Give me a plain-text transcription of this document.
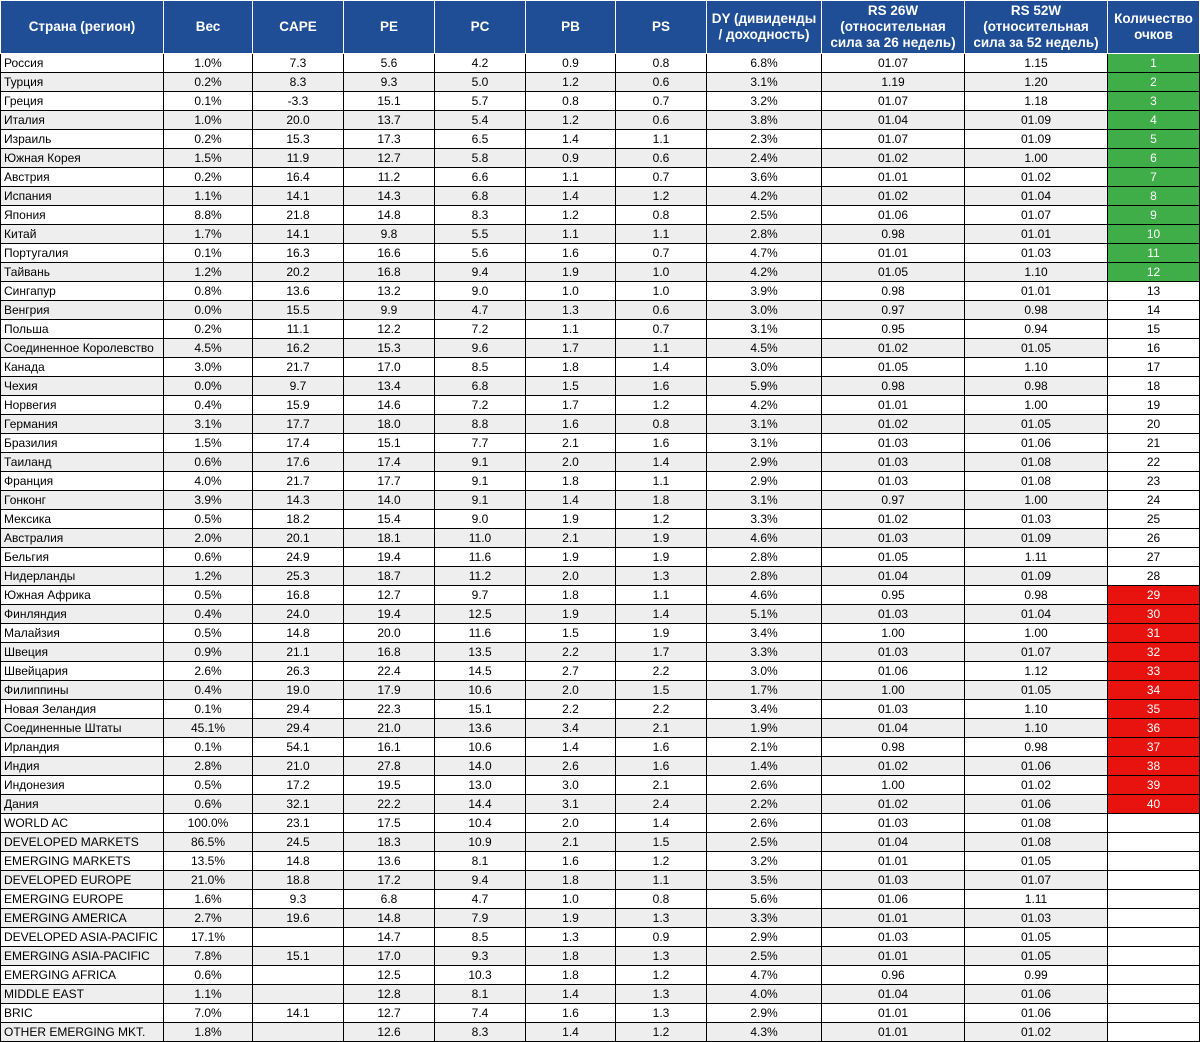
Страна (регион)	Вес	CAPE	PE	PC	PB	PS	DY (дивиденды / доходность)	RS 26W (относительная сила за 26 недель)	RS 52W (относительная сила за 52 недель)	Количество очков
Россия	1.0%	7.3	5.6	4.2	0.9	0.8	6.8%	01.07	1.15	1
Турция	0.2%	8.3	9.3	5.0	1.2	0.6	3.1%	1.19	1.20	2
Греция	0.1%	-3.3	15.1	5.7	0.8	0.7	3.2%	01.07	1.18	3
Италия	1.0%	20.0	13.7	5.4	1.2	0.6	3.8%	01.04	01.09	4
Израиль	0.2%	15.3	17.3	6.5	1.4	1.1	2.3%	01.07	01.09	5
Южная Корея	1.5%	11.9	12.7	5.8	0.9	0.6	2.4%	01.02	1.00	6
Австрия	0.2%	16.4	11.2	6.6	1.1	0.7	3.6%	01.01	01.02	7
Испания	1.1%	14.1	14.3	6.8	1.4	1.2	4.2%	01.02	01.04	8
Япония	8.8%	21.8	14.8	8.3	1.2	0.8	2.5%	01.06	01.07	9
Китай	1.7%	14.1	9.8	5.5	1.1	1.1	2.8%	0.98	01.01	10
Португалия	0.1%	16.3	16.6	5.6	1.6	0.7	4.7%	01.01	01.03	11
Тайвань	1.2%	20.2	16.8	9.4	1.9	1.0	4.2%	01.05	1.10	12
Сингапур	0.8%	13.6	13.2	9.0	1.0	1.0	3.9%	0.98	01.01	13
Венгрия	0.0%	15.5	9.9	4.7	1.3	0.6	3.0%	0.97	0.98	14
Польша	0.2%	11.1	12.2	7.2	1.1	0.7	3.1%	0.95	0.94	15
Соединенное Королевство	4.5%	16.2	15.3	9.6	1.7	1.1	4.5%	01.02	01.05	16
Канада	3.0%	21.7	17.0	8.5	1.8	1.4	3.0%	01.05	1.10	17
Чехия	0.0%	9.7	13.4	6.8	1.5	1.6	5.9%	0.98	0.98	18
Норвегия	0.4%	15.9	14.6	7.2	1.7	1.2	4.2%	01.01	1.00	19
Германия	3.1%	17.7	18.0	8.8	1.6	0.8	3.1%	01.02	01.05	20
Бразилия	1.5%	17.4	15.1	7.7	2.1	1.6	3.1%	01.03	01.06	21
Таиланд	0.6%	17.6	17.4	9.1	2.0	1.4	2.9%	01.03	01.08	22
Франция	4.0%	21.7	17.7	9.1	1.8	1.1	2.9%	01.03	01.08	23
Гонконг	3.9%	14.3	14.0	9.1	1.4	1.8	3.1%	0.97	1.00	24
Мексика	0.5%	18.2	15.4	9.0	1.9	1.2	3.3%	01.02	01.03	25
Австралия	2.0%	20.1	18.1	11.0	2.1	1.9	4.6%	01.03	01.09	26
Бельгия	0.6%	24.9	19.4	11.6	1.9	1.9	2.8%	01.05	1.11	27
Нидерланды	1.2%	25.3	18.7	11.2	2.0	1.3	2.8%	01.04	01.09	28
Южная Африка	0.5%	16.8	12.7	9.7	1.8	1.1	4.6%	0.95	0.98	29
Финляндия	0.4%	24.0	19.4	12.5	1.9	1.4	5.1%	01.03	01.04	30
Малайзия	0.5%	14.8	20.0	11.6	1.5	1.9	3.4%	1.00	1.00	31
Швеция	0.9%	21.1	16.8	13.5	2.2	1.7	3.3%	01.03	01.07	32
Швейцария	2.6%	26.3	22.4	14.5	2.7	2.2	3.0%	01.06	1.12	33
Филиппины	0.4%	19.0	17.9	10.6	2.0	1.5	1.7%	1.00	01.05	34
Новая Зеландия	0.1%	29.4	22.3	15.1	2.2	2.2	3.4%	01.03	1.10	35
Соединенные Штаты	45.1%	29.4	21.0	13.6	3.4	2.1	1.9%	01.04	1.10	36
Ирландия	0.1%	54.1	16.1	10.6	1.4	1.6	2.1%	0.98	0.98	37
Индия	2.8%	21.0	27.8	14.0	2.6	1.6	1.4%	01.02	01.06	38
Индонезия	0.5%	17.2	19.5	13.0	3.0	2.1	2.6%	1.00	01.02	39
Дания	0.6%	32.1	22.2	14.4	3.1	2.4	2.2%	01.02	01.06	40
WORLD AC	100.0%	23.1	17.5	10.4	2.0	1.4	2.6%	01.03	01.08	
DEVELOPED MARKETS	86.5%	24.5	18.3	10.9	2.1	1.5	2.5%	01.04	01.08	
EMERGING MARKETS	13.5%	14.8	13.6	8.1	1.6	1.2	3.2%	01.01	01.05	
DEVELOPED EUROPE	21.0%	18.8	17.2	9.4	1.8	1.1	3.5%	01.03	01.07	
EMERGING EUROPE	1.6%	9.3	6.8	4.7	1.0	0.8	5.6%	01.06	1.11	
EMERGING AMERICA	2.7%	19.6	14.8	7.9	1.9	1.3	3.3%	01.01	01.03	
DEVELOPED ASIA-PACIFIC	17.1%		14.7	8.5	1.3	0.9	2.9%	01.03	01.05	
EMERGING ASIA-PACIFIC	7.8%	15.1	17.0	9.3	1.8	1.3	2.5%	01.01	01.05	
EMERGING AFRICA	0.6%		12.5	10.3	1.8	1.2	4.7%	0.96	0.99	
MIDDLE EAST	1.1%		12.8	8.1	1.4	1.3	4.0%	01.04	01.06	
BRIC	7.0%	14.1	12.7	7.4	1.6	1.3	2.9%	01.01	01.06	
OTHER EMERGING MKT.	1.8%		12.6	8.3	1.4	1.2	4.3%	01.01	01.02	
